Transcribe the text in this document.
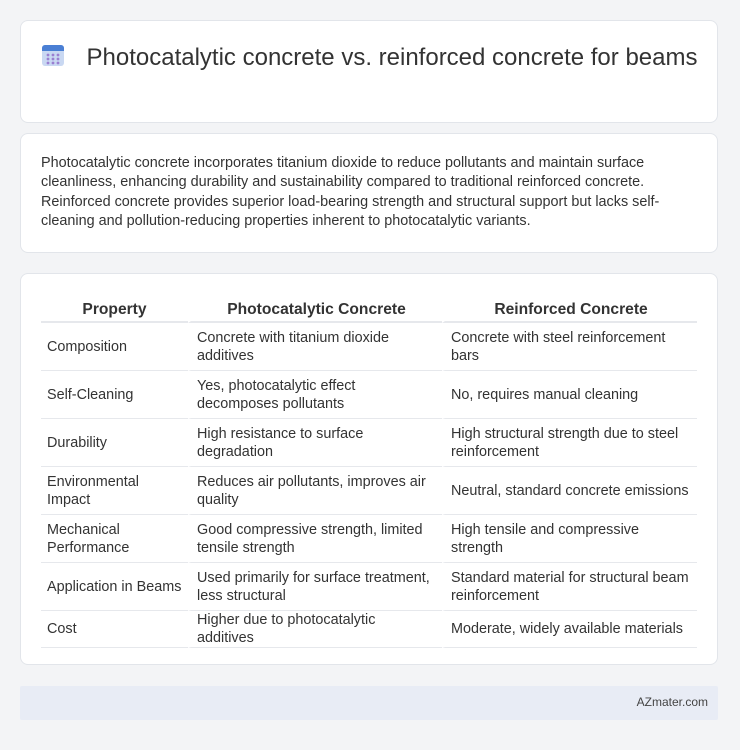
Photocatalytic concrete vs. reinforced concrete for beams

Photocatalytic concrete incorporates titanium dioxide to reduce pollutants and maintain surface cleanliness, enhancing durability and sustainability compared to traditional reinforced concrete. Reinforced concrete provides superior load-bearing strength and structural support but lacks self-cleaning and pollution-reducing properties inherent to photocatalytic variants.

Property	Photocatalytic Concrete	Reinforced Concrete
Composition	Concrete with titanium dioxide additives	Concrete with steel reinforcement bars
Self-Cleaning	Yes, photocatalytic effect decomposes pollutants	No, requires manual cleaning
Durability	High resistance to surface degradation	High structural strength due to steel reinforcement
Environmental Impact	Reduces air pollutants, improves air quality	Neutral, standard concrete emissions
Mechanical Performance	Good compressive strength, limited tensile strength	High tensile and compressive strength
Application in Beams	Used primarily for surface treatment, less structural	Standard material for structural beam reinforcement
Cost	Higher due to photocatalytic additives	Moderate, widely available materials
AZmater.com
